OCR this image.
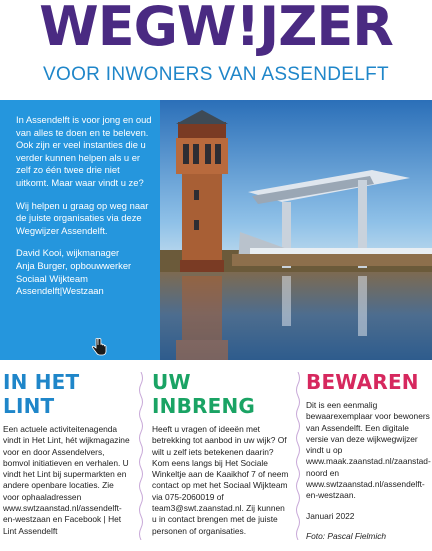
WEGW!JZER
VOOR INWONERS VAN ASSENDELFT

In Assendelft is voor jong en oud van alles te doen en te beleven. Ook zijn er veel instanties die u verder kunnen helpen als u er zelf zo één twee drie niet uitkomt. Maar waar vindt u ze?

Wij helpen u graag op weg naar de juiste organisaties via deze Wegwijzer Assendelft.

David Kooi, wijkmanager
Anja Burger, opbouwwerker Sociaal Wijkteam Assendelft|Westzaan

IN HET LINT

Een actuele activiteitenagenda vindt in Het Lint, hét wijkmagazine voor en door Assendelvers, bomvol initiatieven en verhalen. U vindt het Lint bij supermarkten en andere openbare locaties. Zie voor ophaaladressen www.swtzaanstad.nl/assendelft- en-westzaan en Facebook | Het Lint Assendelft

UW INBRENG

Heeft u vragen of ideeën met betrekking tot aanbod in uw wijk? Of wilt u zelf iets betekenen daarin? Kom eens langs bij Het Sociale Winkeltje aan de Kaaikhof 7 of neem contact op met het Sociaal Wijkteam via 075-2060019 of team3@swt.zaanstad.nl. Zij kunnen u in contact brengen met de juiste personen of organisaties.

BEWAREN

Dit is een eenmalig bewaarexemplaar voor bewoners van Assendelft. Een digitale versie van deze wijkwegwijzer vindt u op www.maak.zaanstad.nl/zaanstad-noord en www.swtzaanstad.nl/assendelft-en-westzaan.

Januari 2022

Foto: Pascal Fielmich
